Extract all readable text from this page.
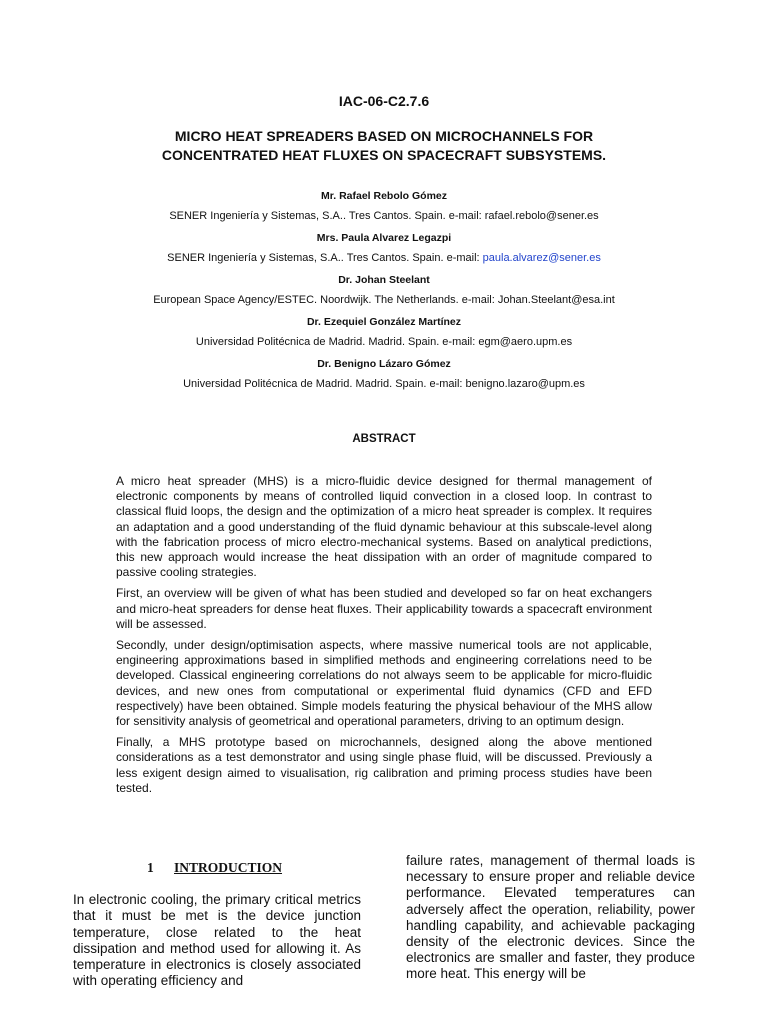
IAC-06-C2.7.6
MICRO HEAT SPREADERS BASED ON MICROCHANNELS FOR
CONCENTRATED HEAT FLUXES ON SPACECRAFT SUBSYSTEMS.
Mr. Rafael Rebolo Gómez
SENER Ingeniería y Sistemas, S.A.. Tres Cantos. Spain. e-mail: rafael.rebolo@sener.es
Mrs. Paula Alvarez Legazpi
SENER Ingeniería y Sistemas, S.A.. Tres Cantos. Spain. e-mail: paula.alvarez@sener.es
Dr. Johan Steelant
European Space Agency/ESTEC. Noordwijk. The Netherlands. e-mail: Johan.Steelant@esa.int
Dr. Ezequiel González Martínez
Universidad Politécnica de Madrid. Madrid. Spain. e-mail: egm@aero.upm.es
Dr. Benigno Lázaro Gómez
Universidad Politécnica de Madrid. Madrid. Spain. e-mail: benigno.lazaro@upm.es
ABSTRACT

A micro heat spreader (MHS) is a micro-fluidic device designed for thermal management of electronic components by means of controlled liquid convection in a closed loop. In contrast to classical fluid loops, the design and the optimization of a micro heat spreader is complex. It requires an adaptation and a good understanding of the fluid dynamic behaviour at this subscale-level along with the fabrication process of micro electro-mechanical systems. Based on analytical predictions, this new approach would increase the heat dissipation with an order of magnitude compared to passive cooling strategies.

First, an overview will be given of what has been studied and developed so far on heat exchangers and micro-heat spreaders for dense heat fluxes. Their applicability towards a spacecraft environment will be assessed.

Secondly, under design/optimisation aspects, where massive numerical tools are not applicable, engineering approximations based in simplified methods and engineering correlations need to be developed. Classical engineering correlations do not always seem to be applicable for micro-fluidic devices, and new ones from computational or experimental fluid dynamics (CFD and EFD respectively) have been obtained. Simple models featuring the physical behaviour of the MHS allow for sensitivity analysis of geometrical and operational parameters, driving to an optimum design.

Finally, a MHS prototype based on microchannels, designed along the above mentioned considerations as a test demonstrator and using single phase fluid, will be discussed. Previously a less exigent design aimed to visualisation, rig calibration and priming process studies have been tested.

1 INTRODUCTION

In electronic cooling, the primary critical metrics that it must be met is the device junction temperature, close related to the heat dissipation and method used for allowing it. As temperature in electronics is closely associated with operating efficiency and

failure rates, management of thermal loads is necessary to ensure proper and reliable device performance. Elevated temperatures can adversely affect the operation, reliability, power handling capability, and achievable packaging density of the electronic devices. Since the electronics are smaller and faster, they produce more heat. This energy will be
